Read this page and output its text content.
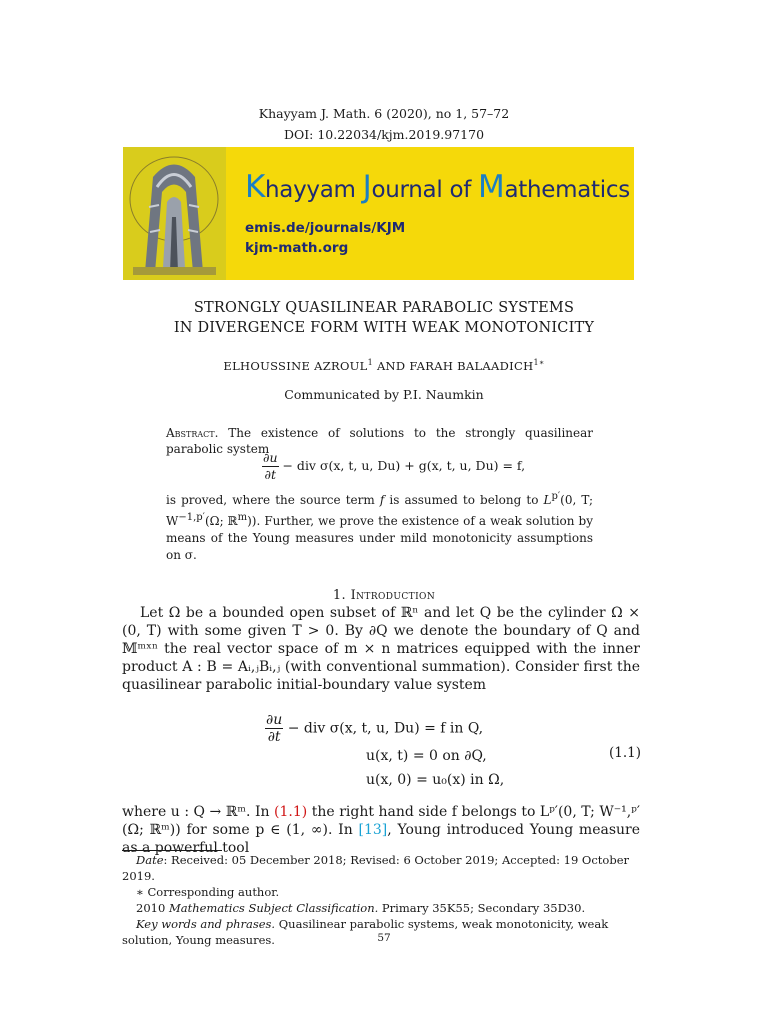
Khayyam J. Math. 6 (2020), no 1, 57–72
DOI: 10.22034/kjm.2019.97170
Khayyam Journal of Mathematics
emis.de/journals/KJM
kjm-math.org
STRONGLY QUASILINEAR PARABOLIC SYSTEMS
IN DIVERGENCE FORM WITH WEAK MONOTONICITY
ELHOUSSINE AZROUL$^1$ AND FARAH $BALAADICH^{1∗}$
Communicated by P.I. Naumkin
Abstract. The existence of solutions to the strongly quasilinear parabolic system
$\frac{\partial u}{\partial t}$ − div σ(x, t, u, Du) + g(x, t, u, Du) = f,
is proved, where the source term f is assumed to belong to $L^{p'}(0$, T; $W^{-1,p'}(\Omega$; ℝ$^m$)). Further, we prove the existence of a weak solution by means of the Young measures under mild monotonicity assumptions on σ.
1. Introduction
Let Ω be a bounded open subset of ℝⁿ and let Q be the cylinder Ω × (0, T) with some given T > 0. By ∂Q we denote the boundary of Q and 𝕄ᵐˣⁿ the real vector space of m × n matrices equipped with the inner product A : B = Aᵢ,ⱼBᵢ,ⱼ (with conventional summation). Consider first the quasilinear parabolic initial-boundary value system
$\frac{\partial u}{\partial t}$ − div σ(x, t, u, Du) = f in Q,
u(x, t) = 0 on ∂Q,
u(x, 0) = u₀(x) in Ω,
(1.1)
where u : Q → ℝᵐ. In (1.1) the right hand side f belongs to Lᵖ′(0, T; W⁻¹,ᵖ′(Ω; ℝᵐ)) for some p ∈ (1, ∞). In [13], Young introduced Young measure as a powerful tool

Date: Received: 05 December 2018; Revised: 6 October 2019; Accepted: 19 October 2019.

∗ Corresponding author.

2010 Mathematics Subject Classification. Primary 35K55; Secondary 35D30.

Key words and phrases. Quasilinear parabolic systems, weak monotonicity, weak solution, Young measures.	57
